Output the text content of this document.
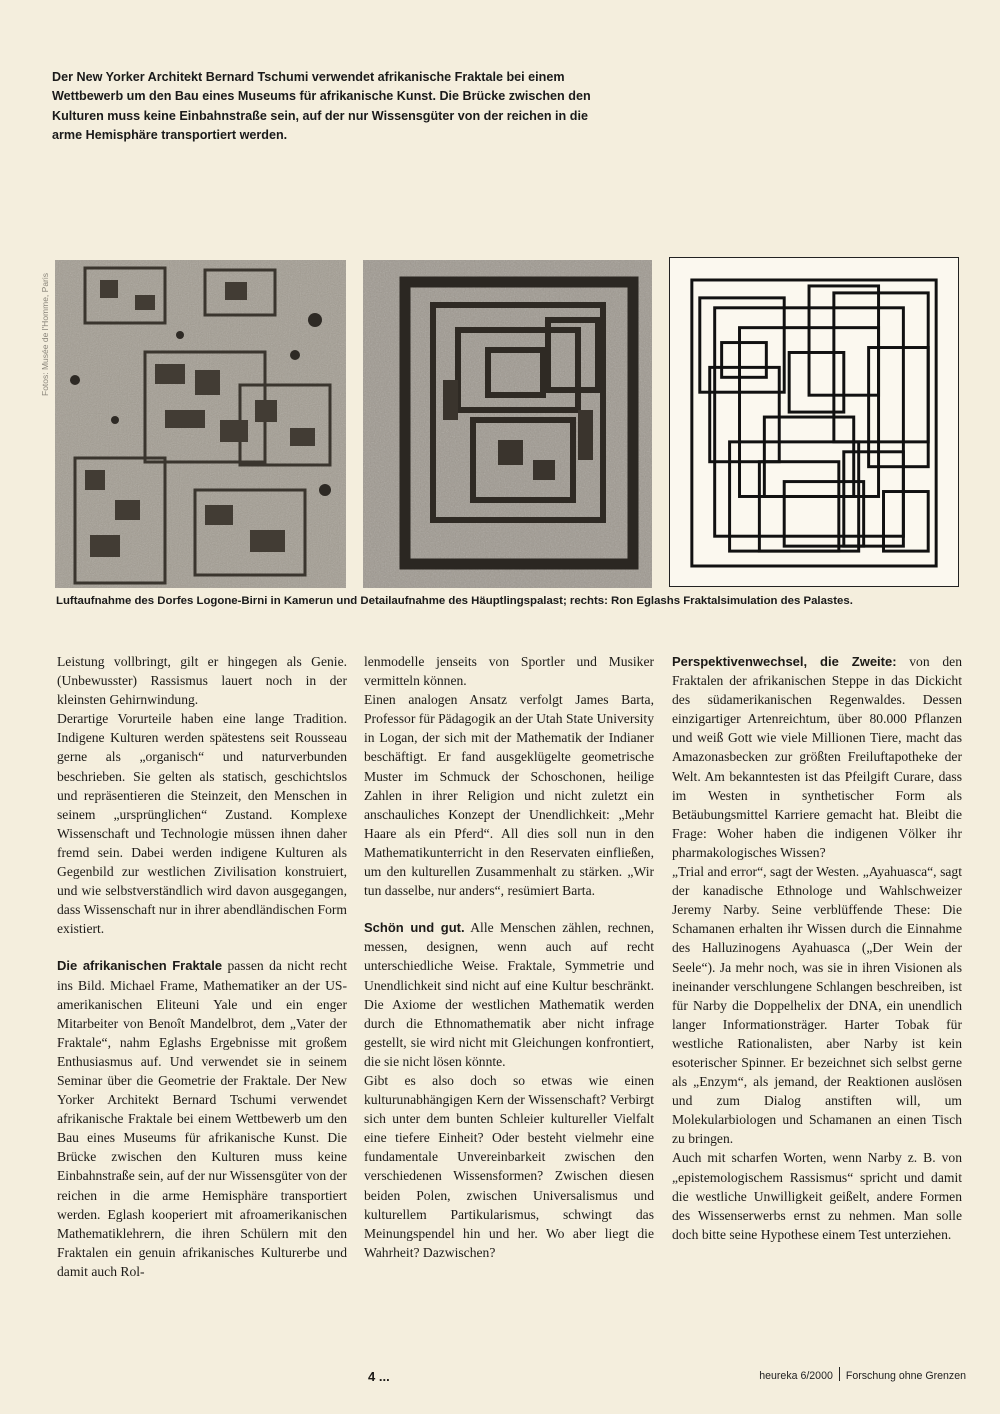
Der New Yorker Architekt Bernard Tschumi verwendet afrikanische Fraktale bei einem Wettbewerb um den Bau eines Museums für afrikanische Kunst. Die Brücke zwischen den Kulturen muss keine Einbahnstraße sein, auf der nur Wissensgüter von der reichen in die arme Hemisphäre transportiert werden.
Fotos: Musée de l'Homme, Paris
Luftaufnahme des Dorfes Logone-Birni in Kamerun und Detailaufnahme des Häuptlingspalast; rechts: Ron Eglashs Fraktalsimulation des Palastes.

Leistung vollbringt, gilt er hingegen als Genie. (Unbewusster) Rassismus lauert noch in der kleinsten Gehirnwindung.

Derartige Vorurteile haben eine lange Tradition. Indigene Kulturen werden spätestens seit Rousseau gerne als „organisch“ und naturverbunden beschrieben. Sie gelten als statisch, geschichtslos und repräsentieren die Steinzeit, den Menschen in seinem „ursprünglichen“ Zustand. Komplexe Wissenschaft und Technologie müssen ihnen daher fremd sein. Dabei werden indigene Kulturen als Gegenbild zur westlichen Zivilisation konstruiert, und wie selbstverständlich wird davon ausgegangen, dass Wissenschaft nur in ihrer abendländischen Form existiert.

Die afrikanischen Fraktale passen da nicht recht ins Bild. Michael Frame, Mathematiker an der US-amerikanischen Eliteuni Yale und ein enger Mitarbeiter von Benoît Mandelbrot, dem „Vater der Fraktale“, nahm Eglashs Ergebnisse mit großem Enthusiasmus auf. Und verwendet sie in seinem Seminar über die Geometrie der Fraktale. Der New Yorker Architekt Bernard Tschumi verwendet afrikanische Fraktale bei einem Wettbewerb um den Bau eines Museums für afrikanische Kunst. Die Brücke zwischen den Kulturen muss keine Einbahnstraße sein, auf der nur Wissensgüter von der reichen in die arme Hemisphäre transportiert werden. Eglash kooperiert mit afroamerikanischen Mathematiklehrern, die ihren Schülern mit den Fraktalen ein genuin afrikanisches Kulturerbe und damit auch Rol-

lenmodelle jenseits von Sportler und Musiker vermitteln können.

Einen analogen Ansatz verfolgt James Barta, Professor für Pädagogik an der Utah State University in Logan, der sich mit der Mathematik der Indianer beschäftigt. Er fand ausgeklügelte geometrische Muster im Schmuck der Schoschonen, heilige Zahlen in ihrer Religion und nicht zuletzt ein anschauliches Konzept der Unendlichkeit: „Mehr Haare als ein Pferd“. All dies soll nun in den Mathematikunterricht in den Reservaten einfließen, um den kulturellen Zusammenhalt zu stärken. „Wir tun dasselbe, nur anders“, resümiert Barta.

Schön und gut. Alle Menschen zählen, rechnen, messen, designen, wenn auch auf recht unterschiedliche Weise. Fraktale, Symmetrie und Unendlichkeit sind nicht auf eine Kultur beschränkt. Die Axiome der westlichen Mathematik werden durch die Ethnomathematik aber nicht infrage gestellt, sie wird nicht mit Gleichungen konfrontiert, die sie nicht lösen könnte.

Gibt es also doch so etwas wie einen kulturunabhängigen Kern der Wissenschaft? Verbirgt sich unter dem bunten Schleier kultureller Vielfalt eine tiefere Einheit? Oder besteht vielmehr eine fundamentale Unvereinbarkeit zwischen den verschiedenen Wissensformen? Zwischen diesen beiden Polen, zwischen Universalismus und kulturellem Partikularismus, schwingt das Meinungspendel hin und her. Wo aber liegt die Wahrheit? Dazwischen?

Perspektivenwechsel, die Zweite: von den Fraktalen der afrikanischen Steppe in das Dickicht des südamerikanischen Regenwaldes. Dessen einzigartiger Artenreichtum, über 80.000 Pflanzen und weiß Gott wie viele Millionen Tiere, macht das Amazonasbecken zur größten Freiluftapotheke der Welt. Am bekanntesten ist das Pfeilgift Curare, dass im Westen in synthetischer Form als Betäubungsmittel Karriere gemacht hat. Bleibt die Frage: Woher haben die indigenen Völker ihr pharmakologisches Wissen?

„Trial and error“, sagt der Westen. „Ayahuasca“, sagt der kanadische Ethnologe und Wahlschweizer Jeremy Narby. Seine verblüffende These: Die Schamanen erhalten ihr Wissen durch die Einnahme des Halluzinogens Ayahuasca („Der Wein der Seele“). Ja mehr noch, was sie in ihren Visionen als ineinander verschlungene Schlangen beschreiben, ist für Narby die Doppelhelix der DNA, ein unendlich langer Informationsträger. Harter Tobak für westliche Rationalisten, aber Narby ist kein esoterischer Spinner. Er bezeichnet sich selbst gerne als „Enzym“, als jemand, der Reaktionen auslösen und zum Dialog anstiften will, um Molekularbiologen und Schamanen an einen Tisch zu bringen.

Auch mit scharfen Worten, wenn Narby z. B. von „epistemologischem Rassismus“ spricht und damit die westliche Unwilligkeit geißelt, andere Formen des Wissenserwerbs ernst zu nehmen. Man solle doch bitte seine Hypothese einem Test unterziehen.

4 ...	heureka 6/2000 Forschung ohne Grenzen
